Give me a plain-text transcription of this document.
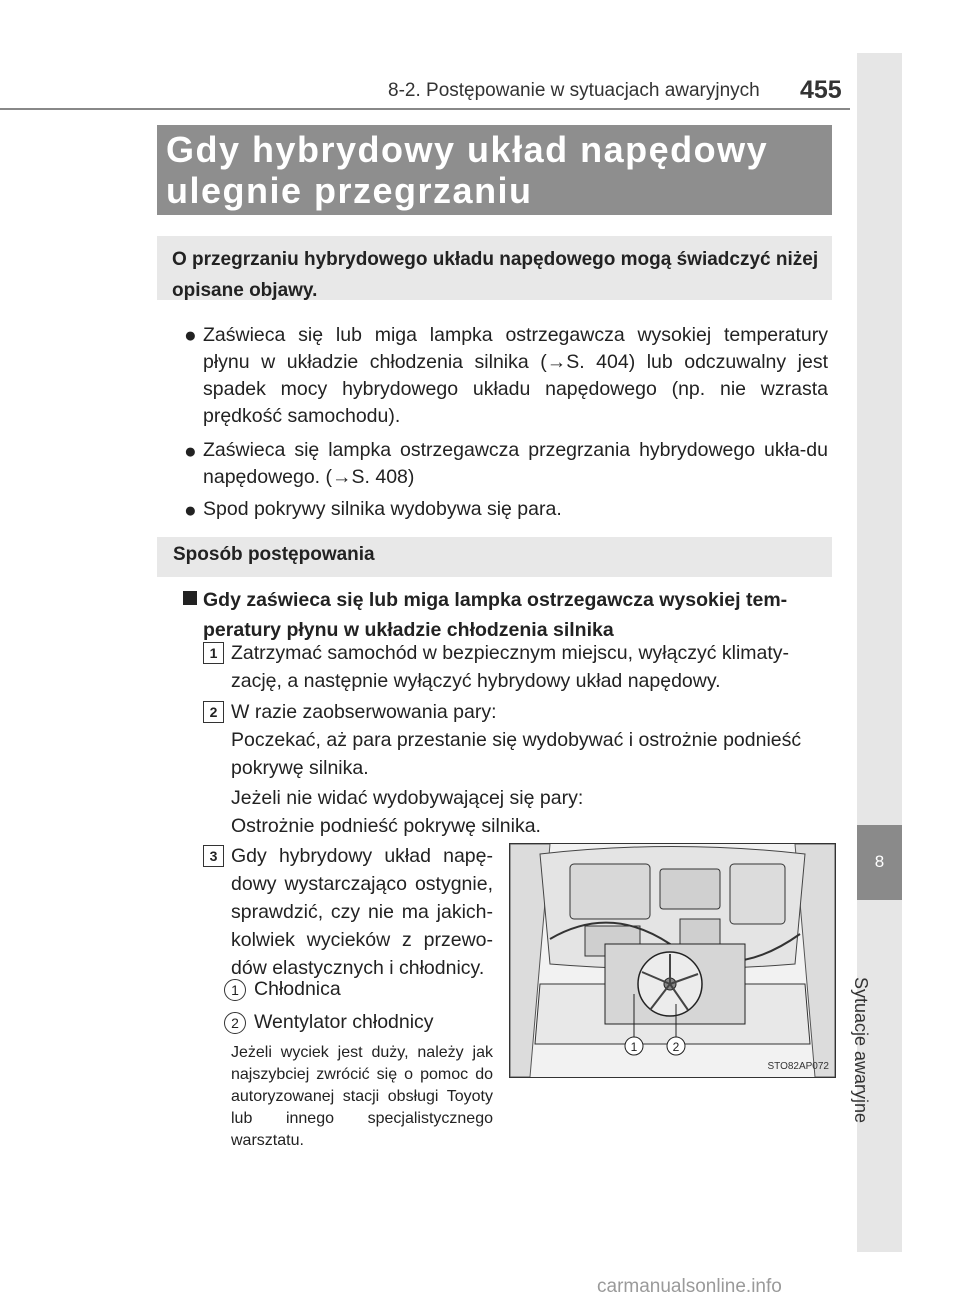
8-2. Postępowanie w sytuacjach awaryjnych 455
8
Sytuacje awaryjne
Gdy hybrydowy układ napędowy
ulegnie przegrzaniu
O przegrzaniu hybrydowego układu napędowego mogą świadczyć niżej opisane objawy.
● Zaświeca się lub miga lampka ostrzegawcza wysokiej temperatury płynu w układzie chłodzenia silnika (→S. 404) lub odczuwalny jest spadek mocy hybrydowego układu napędowego (np. nie wzrasta prędkość samochodu).
● Zaświeca się lampka ostrzegawcza przegrzania hybrydowego ukła-du napędowego. (→S. 408)
● Spod pokrywy silnika wydobywa się para.
Sposób postępowania
Gdy zaświeca się lub miga lampka ostrzegawcza wysokiej tem-peratury płynu w układzie chłodzenia silnika
1 Zatrzymać samochód w bezpiecznym miejscu, wyłączyć klimaty-zację, a następnie wyłączyć hybrydowy układ napędowy.
2 W razie zaobserwowania pary:
Poczekać, aż para przestanie się wydobywać i ostrożnie podnieść pokrywę silnika.
Jeżeli nie widać wydobywającej się pary:
Ostrożnie podnieść pokrywę silnika.
3 Gdy hybrydowy układ napę-dowy wystarczająco ostygnie, sprawdzić, czy nie ma jakich-kolwiek wycieków z przewo-dów elastycznych i chłodnicy.
1 Chłodnica
2 Wentylator chłodnicy
Jeżeli wyciek jest duży, należy jak najszybciej zwrócić się o pomoc do autoryzowanej stacji obsługi Toyoty lub innego specjalistycznego warsztatu.
1	2
STO82AP072
carmanualsonline.info
